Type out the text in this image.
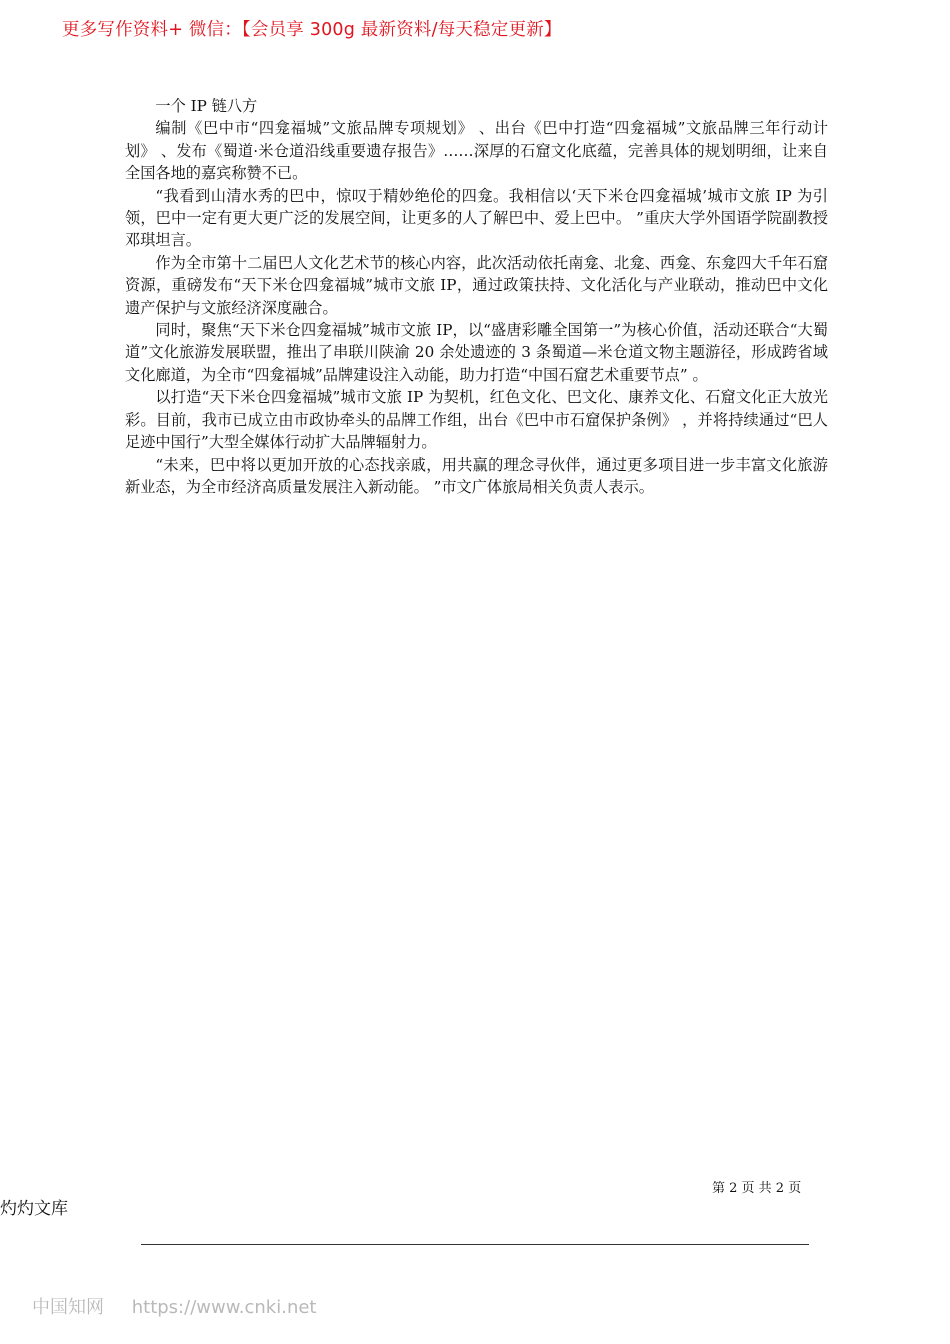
更多写作资料+ 微信：【会员享 300g 最新资料/每天稳定更新】

一个 IP 链八方

编制《巴中市“四龛福城”文旅品牌专项规划》 、出台《巴中打造“四龛福城”文旅品牌三年行动计划》 、发布《蜀道·米仓道沿线重要遗存报告》……深厚的石窟文化底蕴，完善具体的规划明细，让来自全国各地的嘉宾称赞不已。

“我看到山清水秀的巴中，惊叹于精妙绝伦的四龛。我相信以‘天下米仓四龛福城’城市文旅 IP 为引领，巴中一定有更大更广泛的发展空间，让更多的人了解巴中、爱上巴中。 ”重庆大学外国语学院副教授邓琪坦言。

作为全市第十二届巴人文化艺术节的核心内容，此次活动依托南龛、北龛、西龛、东龛四大千年石窟资源，重磅发布“天下米仓四龛福城”城市文旅 IP，通过政策扶持、文化活化与产业联动，推动巴中文化遗产保护与文旅经济深度融合。

同时，聚焦“天下米仓四龛福城”城市文旅 IP，以“盛唐彩雕全国第一”为核心价值，活动还联合“大蜀道”文化旅游发展联盟，推出了串联川陕渝 20 余处遗迹的 3 条蜀道—米仓道文物主题游径，形成跨省域文化廊道，为全市“四龛福城”品牌建设注入动能，助力打造“中国石窟艺术重要节点” 。

以打造“天下米仓四龛福城”城市文旅 IP 为契机，红色文化、巴文化、康养文化、石窟文化正大放光彩。目前，我市已成立由市政协牵头的品牌工作组，出台《巴中市石窟保护条例》 ，并将持续通过“巴人足迹中国行”大型全媒体行动扩大品牌辐射力。

“未来，巴中将以更加开放的心态找亲戚，用共赢的理念寻伙伴，通过更多项目进一步丰富文化旅游新业态，为全市经济高质量发展注入新动能。 ”市文广体旅局相关负责人表示。

第 2 页 共 2 页
灼灼文库
中国知网 https://www.cnki.net
